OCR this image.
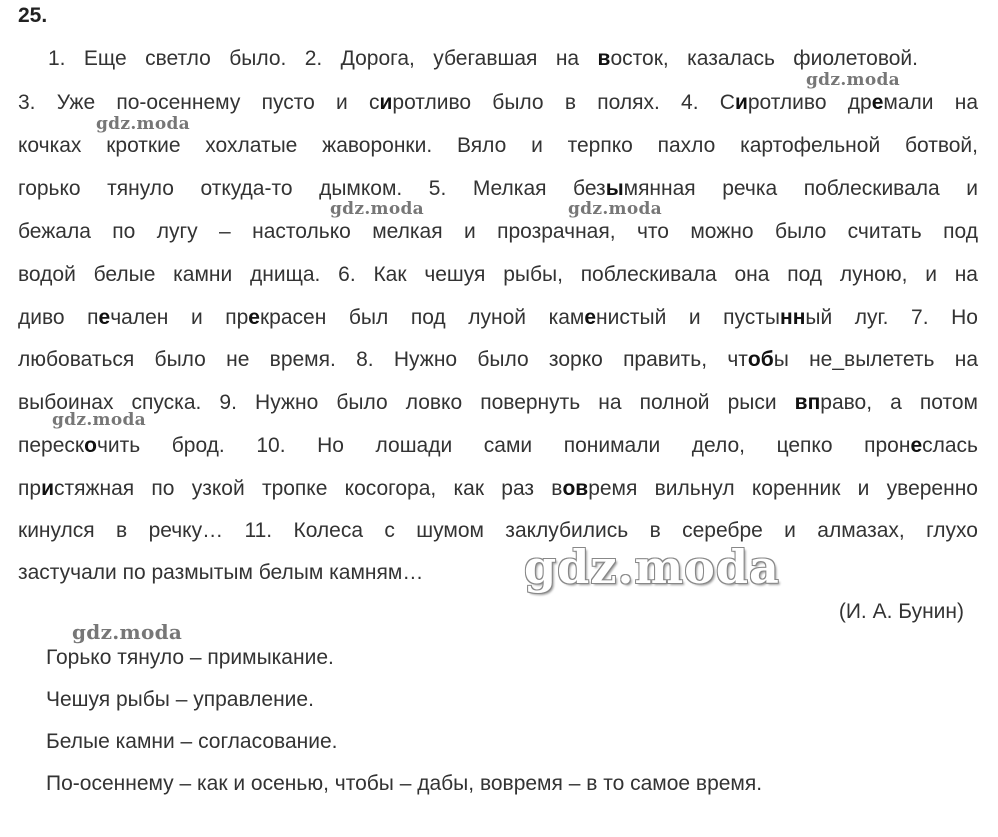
25.
1. Еще светло было. 2. Дорога, убегавшая на восток, казалась фиолетовой.
3. Уже по-осеннему пусто и сиротливо было в полях. 4. Сиротливо дремали на
кочках кроткие хохлатые жаворонки. Вяло и терпко пахло картофельной ботвой,
горько тянуло откуда-то дымком. 5. Мелкая безымянная речка поблескивала и
бежала по лугу – настолько мелкая и прозрачная, что можно было считать под
водой белые камни днища. 6. Как чешуя рыбы, поблескивала она под луною, и на
диво печален и прекрасен был под луной каменистый и пустынный луг. 7. Но
любоваться было не время. 8. Нужно было зорко править, чтобы не_вылететь на
выбоинах спуска. 9. Нужно было ловко повернуть на полной рыси вправо, а потом
перескочить брод. 10. Но лошади сами понимали дело, цепко пронеслась
пристяжная по узкой тропке косогора, как раз вовремя вильнул коренник и уверенно
кинулся в речку… 11. Колеса с шумом заклубились в серебре и алмазах, глухо
застучали по размытым белым камням…
(И. А. Бунин)
Горько тянуло – примыкание.
Чешуя рыбы – управление.
Белые камни – согласование.
По-осеннему – как и осенью, чтобы – дабы, вовремя – в то самое время.
gdz.moda
gdz.moda
gdz.moda	gdz.moda
gdz.moda
gdz.moda
gdz.moda
